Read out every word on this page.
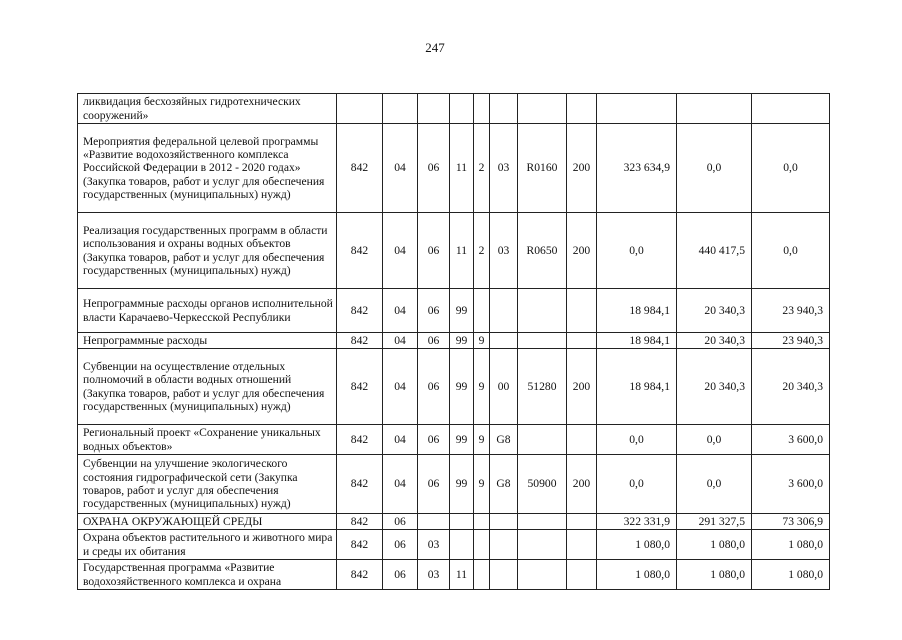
247
ликвидация бесхозяйных гидротехнических сооружений»											
Мероприятия федеральной целевой программы «Развитие водохозяйственного комплекса Российской Федерации в 2012 - 2020 годах» (Закупка товаров, работ и услуг для обеспечения государственных (муниципальных) нужд)	842	04	06	11	2	03	R0160	200	323 634,9	0,0	0,0
Реализация государственных программ в области использования и охраны водных объектов (Закупка товаров, работ и услуг для обеспечения государственных (муниципальных) нужд)	842	04	06	11	2	03	R0650	200	0,0	440 417,5	0,0
Непрограммные расходы органов исполнительной власти Карачаево-Черкесской Республики	842	04	06	99					18 984,1	20 340,3	23 940,3
Непрограммные расходы	842	04	06	99	9				18 984,1	20 340,3	23 940,3
Субвенции на осуществление отдельных полномочий в области водных отношений (Закупка товаров, работ и услуг для обеспечения государственных (муниципальных) нужд)	842	04	06	99	9	00	51280	200	18 984,1	20 340,3	20 340,3
Региональный проект «Сохранение уникальных водных объектов»	842	04	06	99	9	G8			0,0	0,0	3 600,0
Субвенции на улучшение экологического состояния гидрографической сети (Закупка товаров, работ и услуг для обеспечения государственных (муниципальных) нужд)	842	04	06	99	9	G8	50900	200	0,0	0,0	3 600,0
ОХРАНА ОКРУЖАЮЩЕЙ СРЕДЫ	842	06							322 331,9	291 327,5	73 306,9
Охрана объектов растительного и животного мира и среды их обитания	842	06	03						1 080,0	1 080,0	1 080,0
Государственная программа «Развитие водохозяйственного комплекса и охрана	842	06	03	11					1 080,0	1 080,0	1 080,0
